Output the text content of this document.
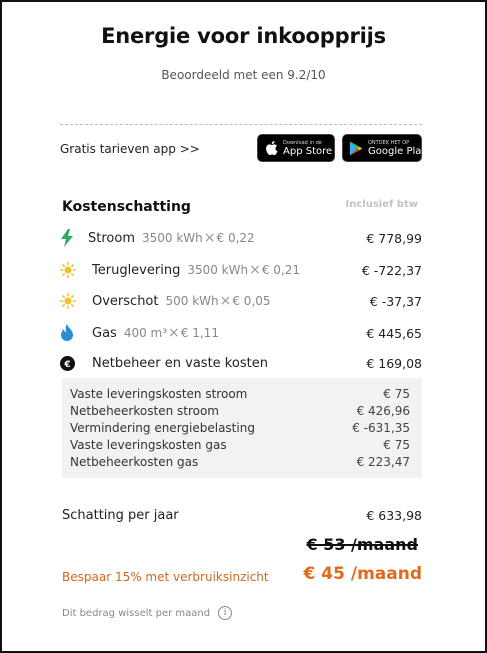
Energie voor inkoopprijs
Beoordeeld met een 9.2/10
Gratis tarieven app >>	Download in de
App Store
ONTDEK HET OP
Google Play
Kostenschatting	Inclusief btw
Stroom 3500 kWh×€ 0,22	€ 778,99
Teruglevering 3500 kWh×€ 0,21	€ -722,37
Overschot 500 kWh×€ 0,05	€ -37,37
Gas 400 m³×€ 1,11	€ 445,65
€ Netbeheer en vaste kosten	€ 169,08
Vaste leveringskosten stroom	€ 75
Netbeheerkosten stroom	€ 426,96
Vermindering energiebelasting	€ -631,35
Vaste leveringskosten gas	€ 75
Netbeheerkosten gas	€ 223,47
Schatting per jaar	€ 633,98
€ 53 /maand
Bespaar 15% met verbruiksinzicht € 45 /maand
Dit bedrag wisselt per maand	i
